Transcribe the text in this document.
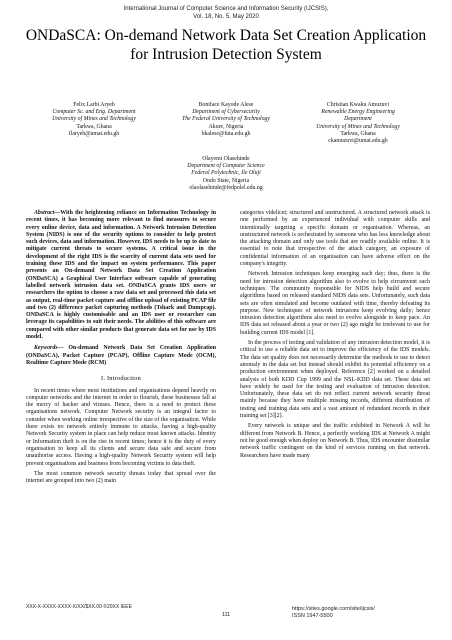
International Journal of Computer Science and Information Security (IJCSIS),
Vol. 18, No. 5, May 2020
ONDaSCA: On-demand Network Data Set Creation Application for Intrusion Detection System
Felix Larbi Aryeh
Computer Sc. and Eng. Department
University of Mines and Technology
Tarkwa, Ghana
flaryeh@umat.edu.gh
Boniface Kayode Alese
Department of Cybersecurity
The Federal University of Technology
Akure, Nigeria
bkalese@futa.edu.gh
Christian Kwaku Amuzuvi
Renewable Energy Engineering
Department
University of Mines and Technology
Tarkwa, Ghana
ckamuzuvi@umat.edu.gh
Olayemi Olasehinde
Department of Computer Science
Federal Polytechnic, Ile Oluji
Ondo State, Nigeria
olaolasehinde@fedpolel.edu.ng

Abstract—With the heightening reliance on Information Technology in recent times, it has becoming more relevant to find measures to secure every online device, data and information. A Network Intrusion Detection System (NIDS) is one of the security options to consider to help protect such devices, data and information. However, IDS needs to be up to date to mitigate current threats to secure systems. A critical issue in the development of the right IDS is the scarcity of current data sets used for training these IDS and the impact on system performance. This paper presents an On-demand Network Data Set Creation Application (ONDaSCA) a Graphical User Interface software capable of generating labelled network intrusion data set. ONDaSCA grants IDS users or researchers the option to choose a raw data set and processed this data set as output, real-time packet capture and offline upload of existing PCAP file and two (2) difference packet capturing methods (Tshark and Dumpcap). ONDaSCA is highly customisable and an IDS user or researcher can leverage its capabilities to suit their needs. The abilities of this software are compared with other similar products that generate data set for use by IDS model.

Keywords— On-demand Network Data Set Creation Application (ONDaSCA), Packet Capture (PCAP), Offline Capture Mode (OCM), Realtime Capture Mode (RCM)

I. Introduction

In recent times where most institutions and organisations depend heavily on computer networks and the internet in order to flourish, these businesses fall at the mercy of hacker and viruses. Hence, there is a need to protect these organisations network. Computer Network security is an integral factor to consider when working online irrespective of the size of the organisation. While there exists no network entirely immune to attacks, having a high-quality Network Security system in place can help reduce most known attacks. Identity or Information theft is on the rise in recent times; hence it is the duty of every organisation to keep all its clients and secure data safe and secure from unauthorise access. Having a high-quality Network Security system will help prevent organisations and business from becoming victims to data theft.

The most common network security threats today that spread over the internet are grouped into two (2) main

categories videlicet; structured and unstructured. A structured network attack is one performed by an experienced individual with computer skills and intentionally targeting a specific domain or organisation. Whereas, an unstructured network is orchestrated by someone who has less knowledge about the attacking domain and only use tools that are readily available online. It is essential to note that irrespective of the attach category, an exposure of confidential information of an organisation can have adverse effect on the company's integrity.

Network Intrusion techniques keep emerging each day; thus, there is the need for intrusion detection algorithm also to evolve to help circumvent such techniques. The community responsible for NIDS help build and secure algorithms based on released standard NIDS data sets. Unfortunately, such data sets are often simulated and become outdated with time, thereby defeating its purpose. New techniques of network intrusions keep evolving daily; hence intrusion detection algorithms also need to evolve alongside to keep pace. An IDS data set released about a year or two (2) ago might be irrelevant to use for building current IDS model [1].

In the process of testing and validation of any intrusion detection model, it is critical to use a reliable data set to improve the efficiency of the IDS models. The data set quality does not necessarily determine the methods to use to detect anomaly in the data set but instead should exhibit its potential efficiency on a production environment when deployed. Reference [2] worked on a detailed analysis of both KDD Cup 1999 and the NSL-KDD data set. These data set have widely be used for the testing and evaluation of intrusion detection. Unfortunately, these data set do not reflect current network security threat mainly because they have multiple missing records, different distribution of testing and training data sets and a vast amount of redundant records in their training set [3][2].

Every network is unique and the traffic exhibited in Network A will be different from Network B. Hence, a perfectly working IDS at Network A might not be good enough when deploy on Network B. Thus, IDS encounter dissimilar network traffic contingent on the kind of services running on that network. Researchers have made many

XXX-X-XXXX-XXXX-X/XX/$XX.00 ©20XX IEEE
111
https://sites.google.com/site/ijcsis/
ISSN 1947-5500
